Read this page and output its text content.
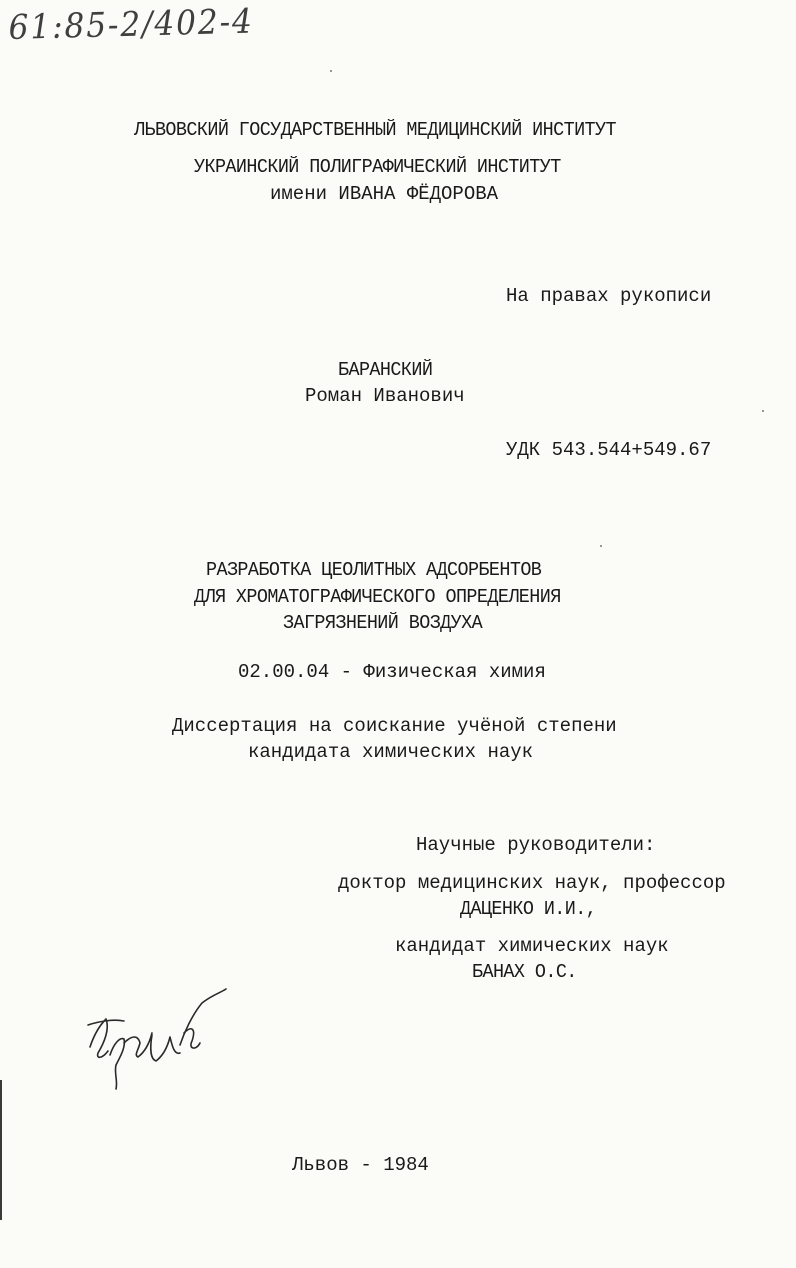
61:85-2/402-4
ЛЬВОВСКИЙ ГОСУДАРСТВЕННЫЙ МЕДИЦИНСКИЙ ИНСТИТУТ
УКРАИНСКИЙ ПОЛИГРАФИЧЕСКИЙ ИНСТИТУТ
имени ИВАНА ФЁДОРОВА
На правах рукописи
БАРАНСКИЙ
Роман Иванович
УДК 543.544+549.67
РАЗРАБОТКА ЦЕОЛИТНЫХ АДСОРБЕНТОВ
ДЛЯ ХРОМАТОГРАФИЧЕСКОГО ОПРЕДЕЛЕНИЯ
ЗАГРЯЗНЕНИЙ ВОЗДУХА
02.00.04 - Физическая химия
Диссертация на соискание учёной степени
кандидата химических наук
Научные руководители:
доктор медицинских наук, профессор
ДАЦЕНКО И.И.,
кандидат химических наук
БАНАХ О.С.
Львов - 1984
